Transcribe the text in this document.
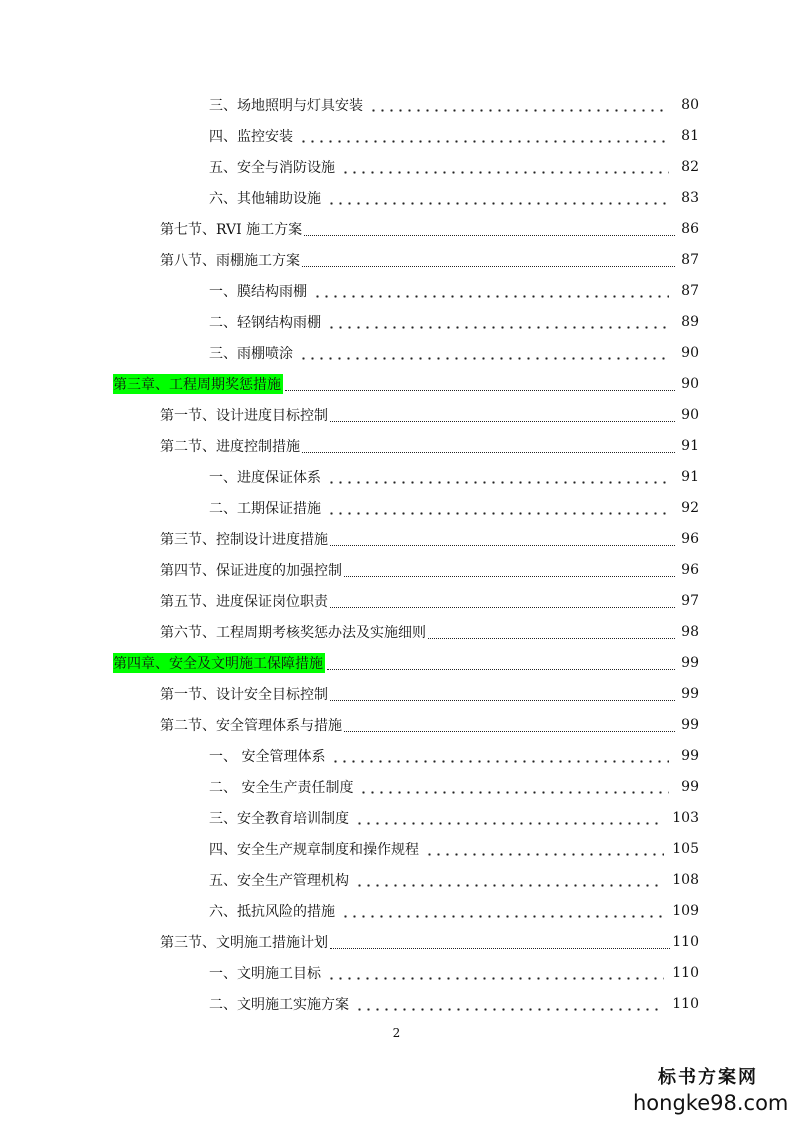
三、场地照明与灯具安装	80
四、监控安装	81
五、安全与消防设施	82
六、其他辅助设施	83
第七节、RVI 施工方案	86
第八节、雨棚施工方案	87
一、膜结构雨棚	87
二、轻钢结构雨棚	89
三、雨棚喷涂	90
第三章、工程周期奖惩措施	90
第一节、设计进度目标控制	90
第二节、进度控制措施	91
一、进度保证体系	91
二、工期保证措施	92
第三节、控制设计进度措施	96
第四节、保证进度的加强控制	96
第五节、进度保证岗位职责	97
第六节、工程周期考核奖惩办法及实施细则	98
第四章、安全及文明施工保障措施	99
第一节、设计安全目标控制	99
第二节、安全管理体系与措施	99
一、 安全管理体系	99
二、 安全生产责任制度	99
三、安全教育培训制度	103
四、安全生产规章制度和操作规程	105
五、安全生产管理机构	108
六、抵抗风险的措施	109
第三节、文明施工措施计划	110
一、文明施工目标	110
二、文明施工实施方案	110
2
标书方案网
hongke98.com
